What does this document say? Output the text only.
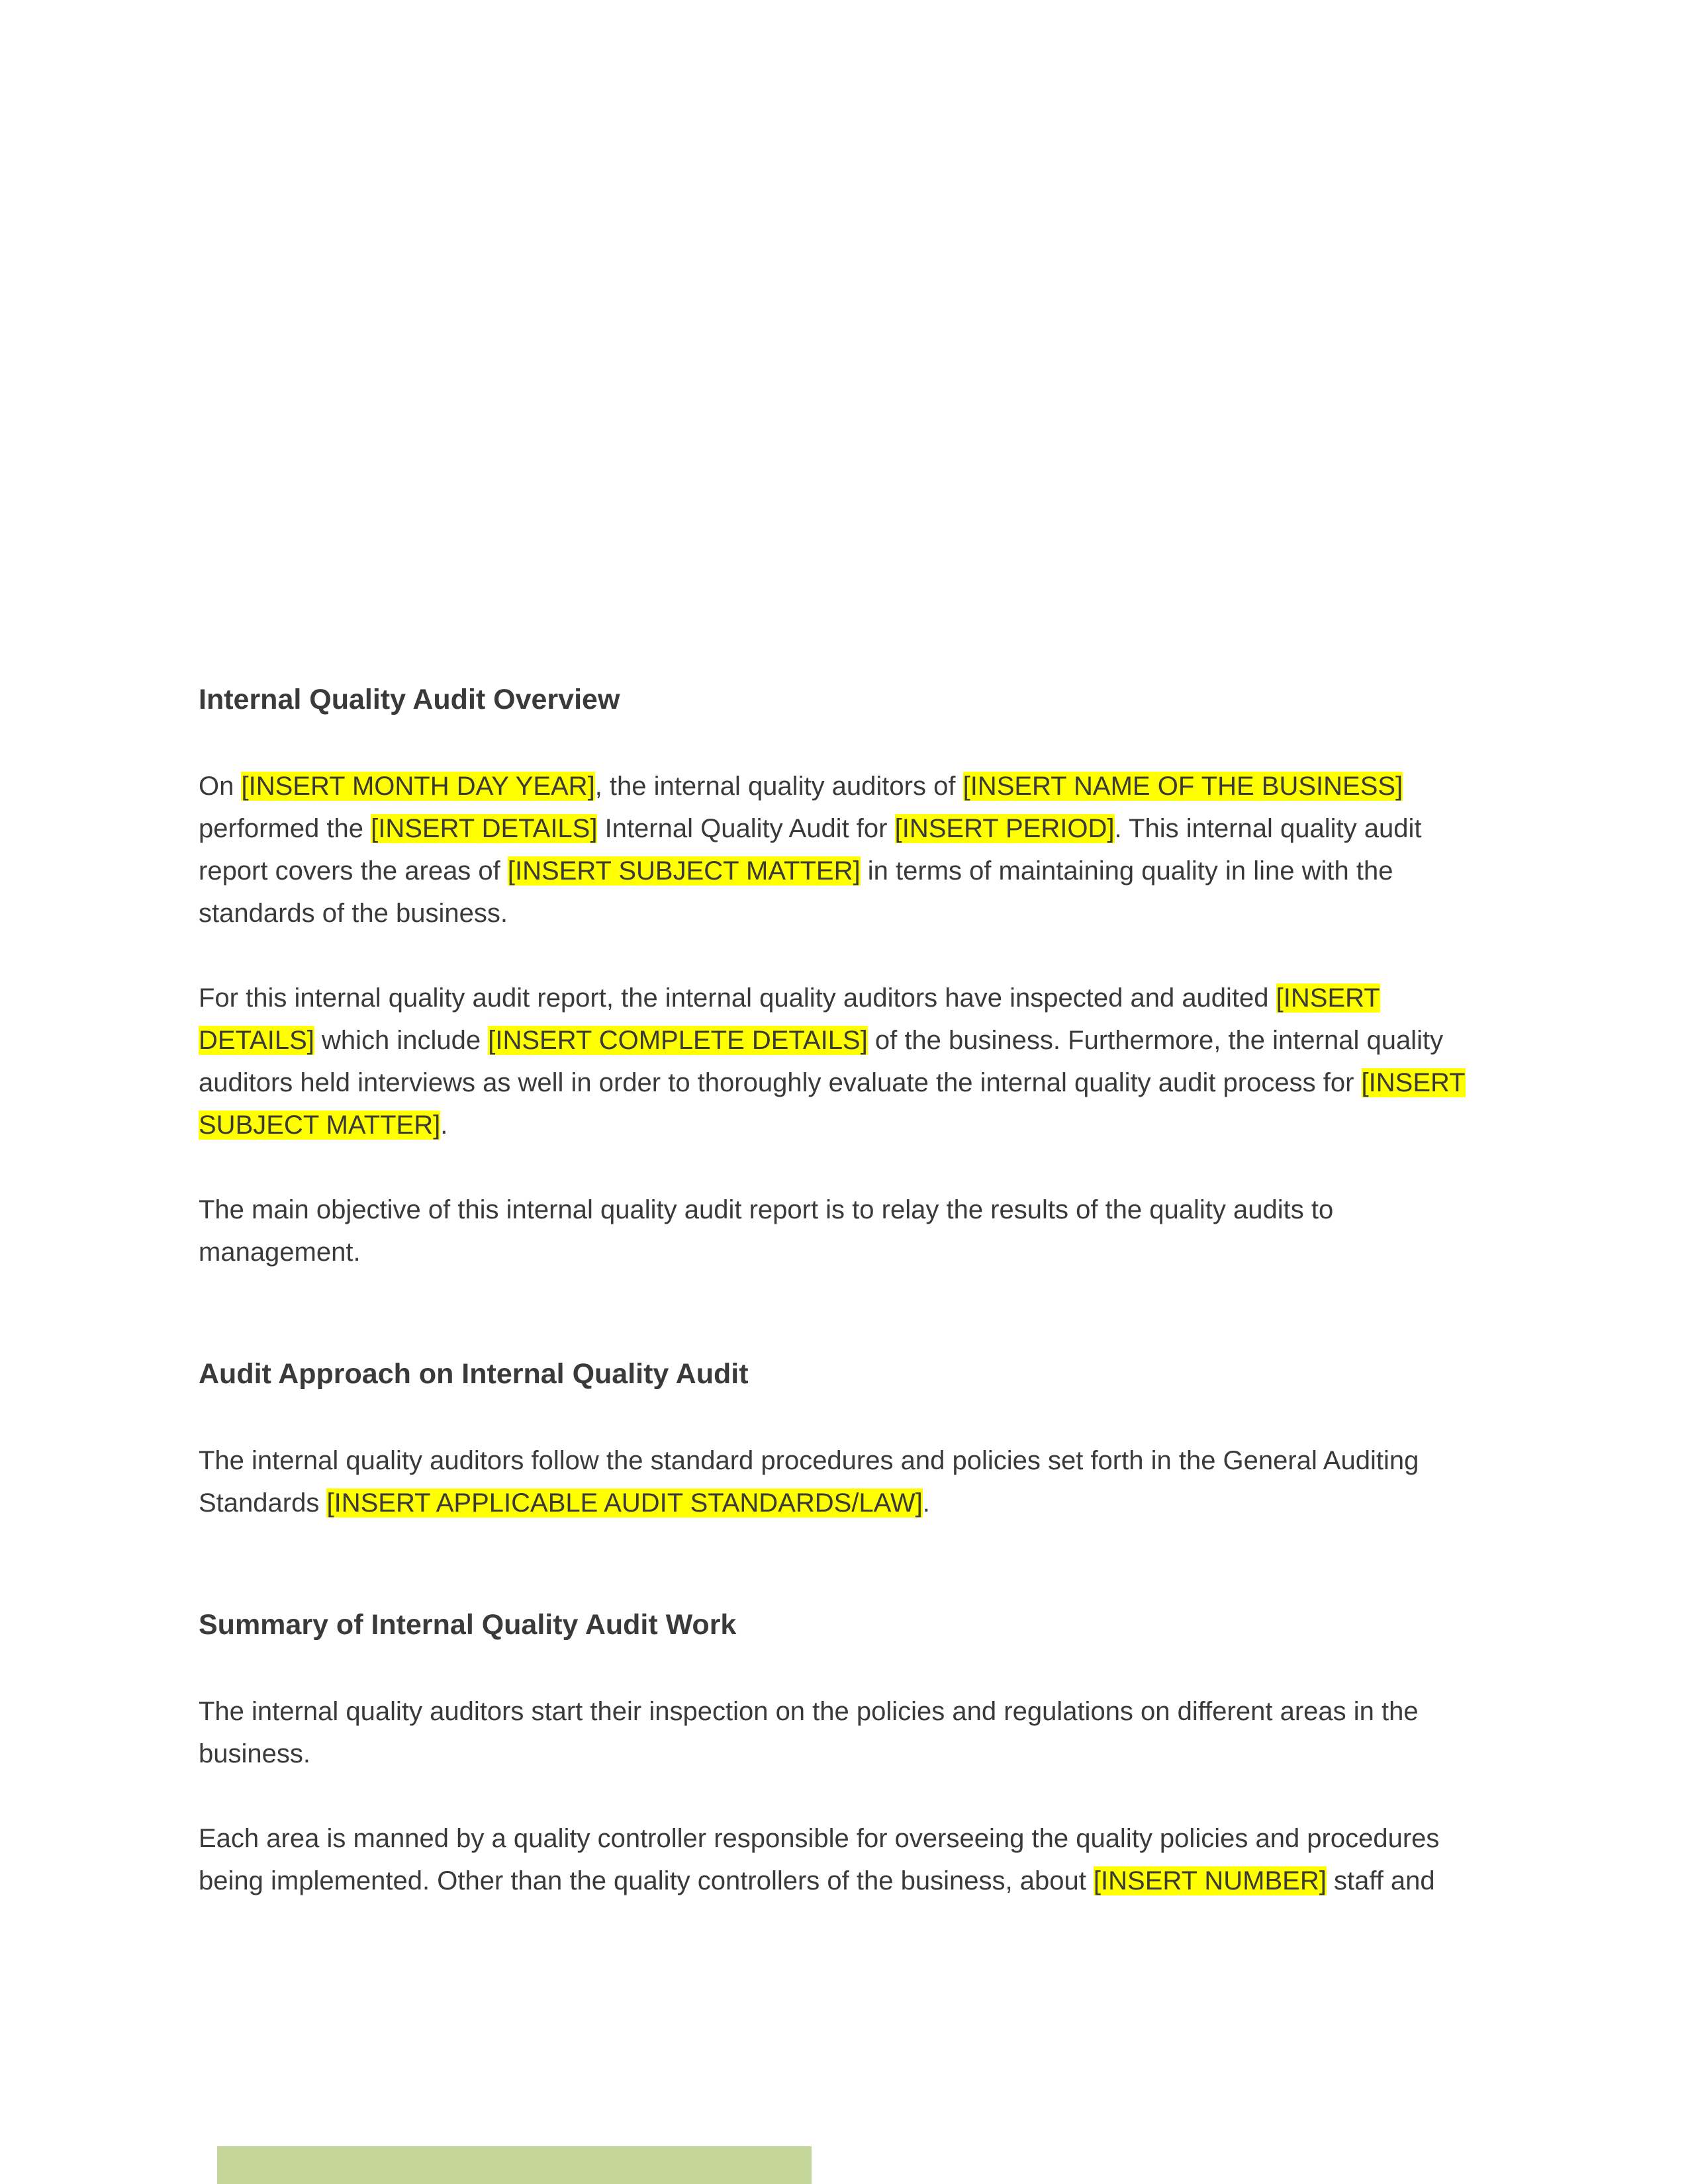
Internal Quality Audit Overview

On [INSERT MONTH DAY YEAR], the internal quality auditors of [INSERT NAME OF THE BUSINESS] performed the [INSERT DETAILS] Internal Quality Audit for [INSERT PERIOD]. This internal quality audit report covers the areas of [INSERT SUBJECT MATTER] in terms of maintaining quality in line with the standards of the business.

For this internal quality audit report, the internal quality auditors have inspected and audited [INSERT DETAILS] which include [INSERT COMPLETE DETAILS] of the business. Furthermore, the internal quality auditors held interviews as well in order to thoroughly evaluate the internal quality audit process for [INSERT SUBJECT MATTER].

The main objective of this internal quality audit report is to relay the results of the quality audits to management.

Audit Approach on Internal Quality Audit

The internal quality auditors follow the standard procedures and policies set forth in the General Auditing Standards [INSERT APPLICABLE AUDIT STANDARDS/LAW].

Summary of Internal Quality Audit Work

The internal quality auditors start their inspection on the policies and regulations on different areas in the business.

Each area is manned by a quality controller responsible for overseeing the quality policies and procedures being implemented. Other than the quality controllers of the business, about [INSERT NUMBER] staff and
